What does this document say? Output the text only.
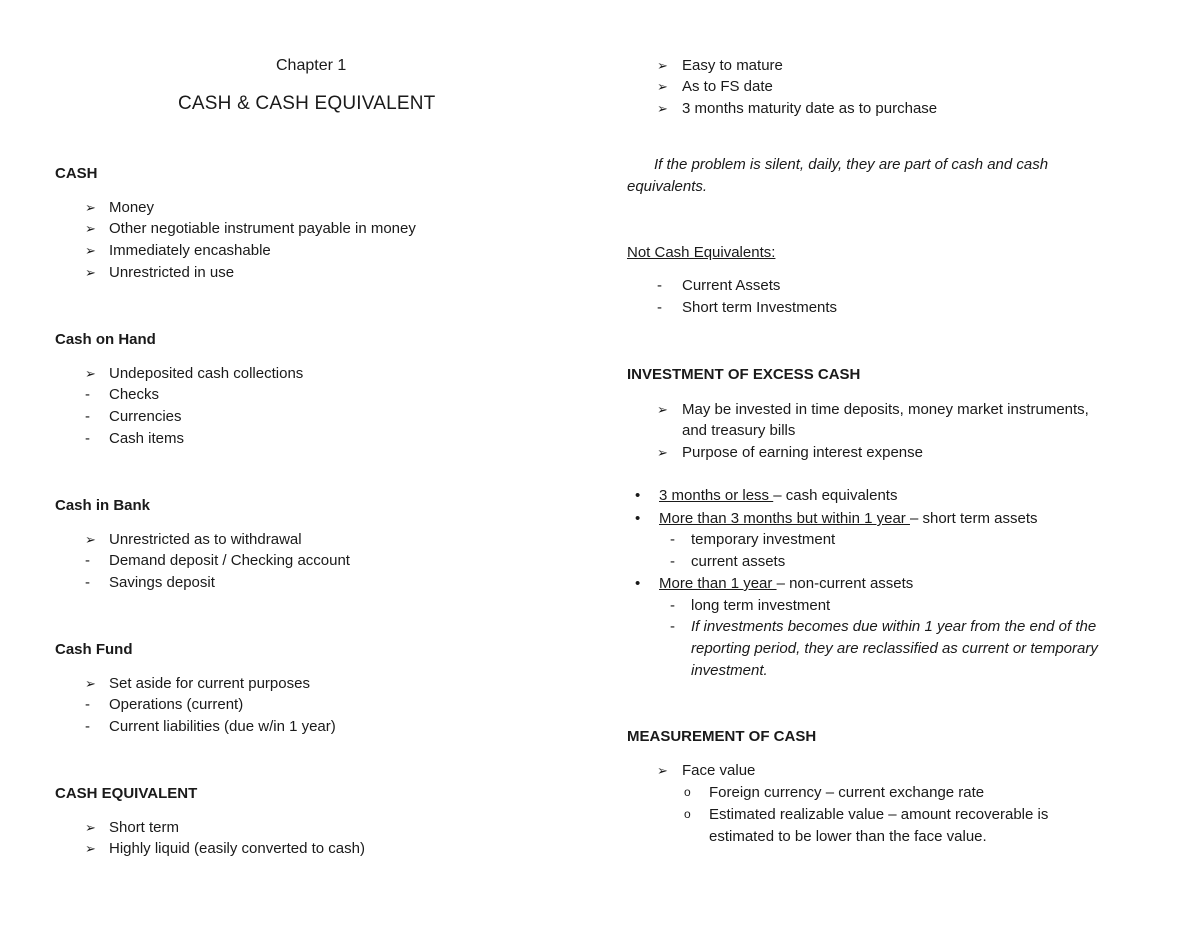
Chapter 1
CASH & CASH EQUIVALENT
CASH
➢ Money
➢ Other negotiable instrument payable in money
➢ Immediately encashable
➢ Unrestricted in use
Cash on Hand
➢ Undeposited cash collections
-	Checks
-	Currencies
-	Cash items
Cash in Bank
➢ Unrestricted as to withdrawal
-	Demand deposit / Checking account
-	Savings deposit
Cash Fund
➢ Set aside for current purposes
-	Operations (current)
-	Current liabilities (due w/in 1 year)
CASH EQUIVALENT
➢ Short term
➢ Highly liquid (easily converted to cash)
➢ Easy to mature
➢ As to FS date
➢ 3 months maturity date as to purchase
If the problem is silent, daily, they are part of cash and cash
equivalents.
Not Cash Equivalents:
-	Current Assets
-	Short term Investments
INVESTMENT OF EXCESS CASH
➢ May be invested in time deposits, money market instruments,
and treasury bills
➢ Purpose of earning interest expense
• 3 months or less – cash equivalents
• More than 3 months but within 1 year – short term assets
- temporary investment
- current assets
• More than 1 year – non-current assets
- long term investment
- If investments becomes due within 1 year from the end of the
reporting period, they are reclassified as current or temporary
investment.
MEASUREMENT OF CASH
➢ Face value
o Foreign currency – current exchange rate
o Estimated realizable value – amount recoverable is
estimated to be lower than the face value.
